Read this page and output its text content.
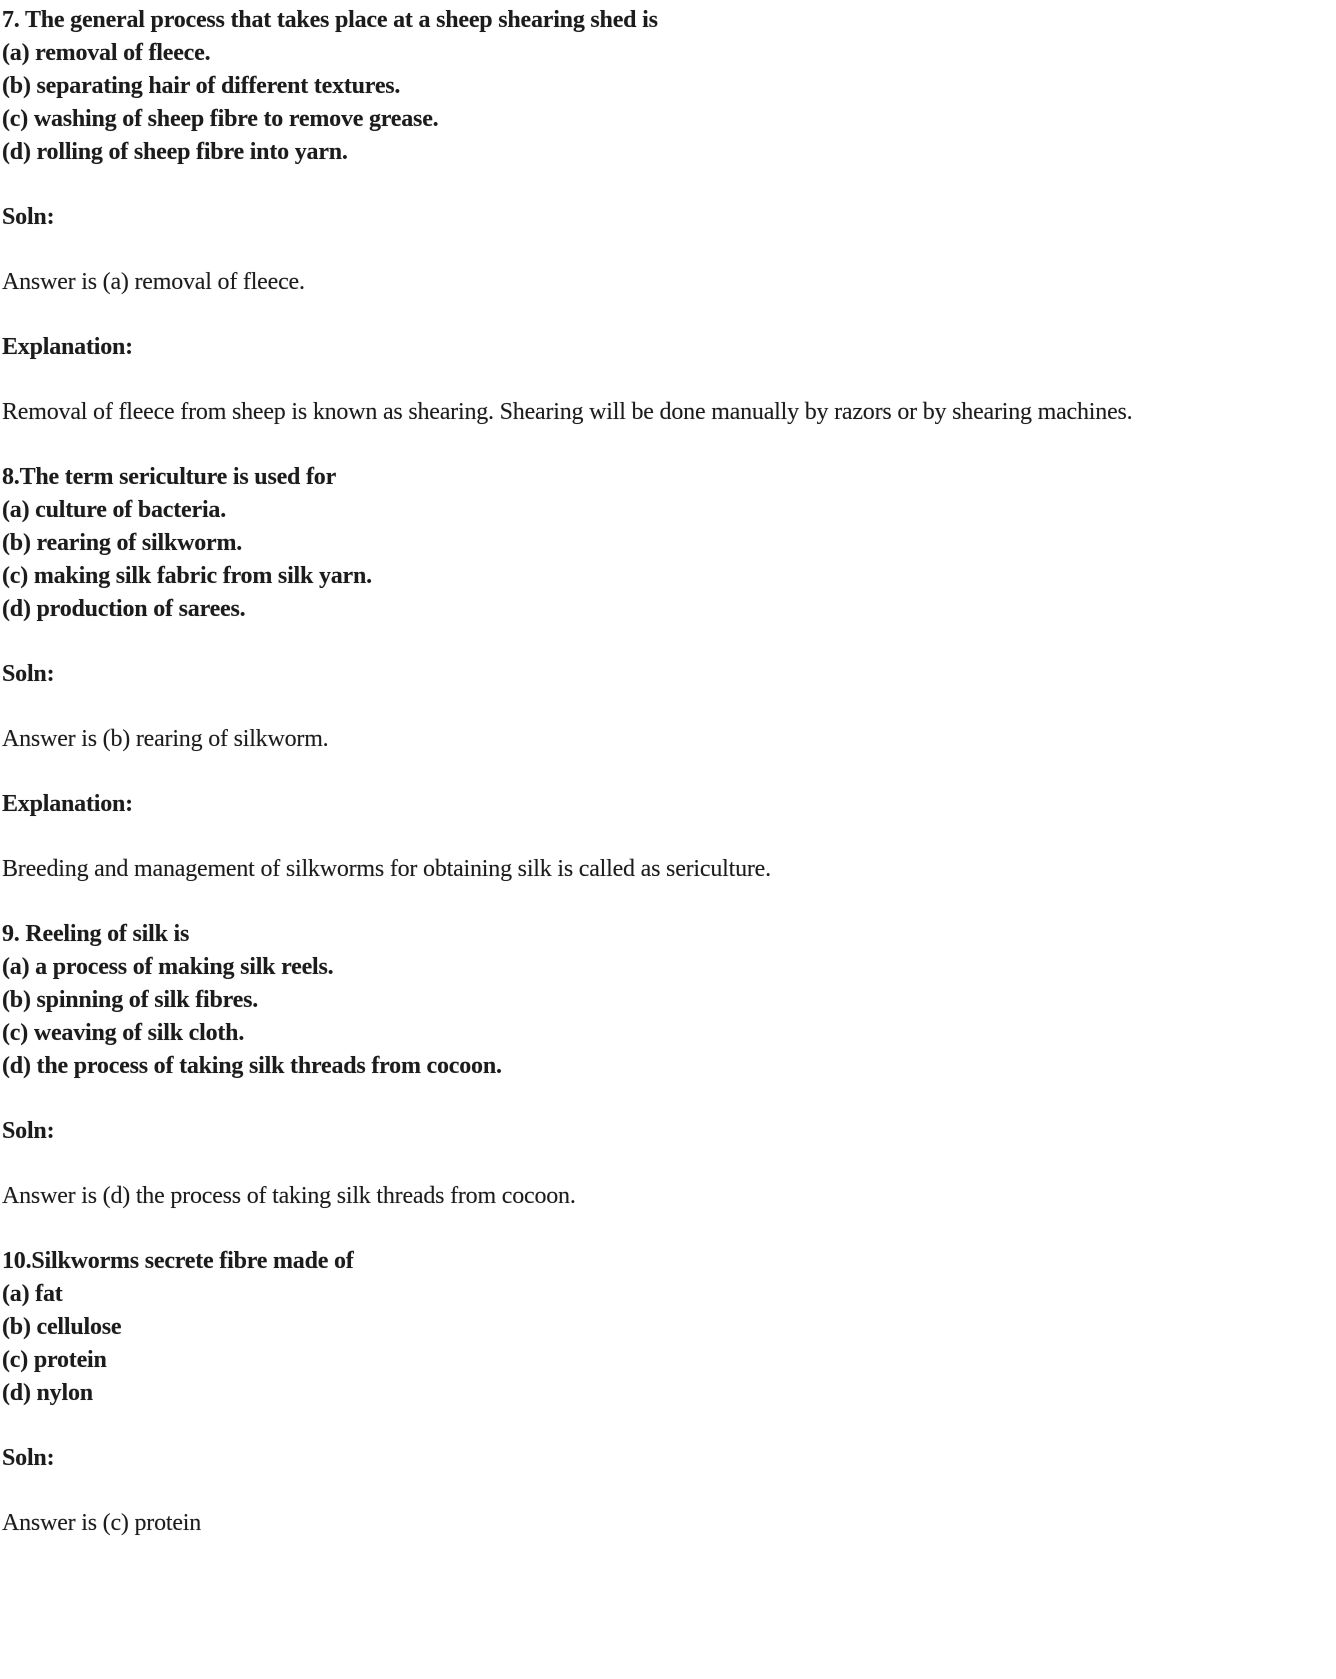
7. The general process that takes place at a sheep shearing shed is

(a) removal of fleece.

(b) separating hair of different textures.

(c) washing of sheep fibre to remove grease.

(d) rolling of sheep fibre into yarn.

Soln:

Answer is (a) removal of fleece.

Explanation:

Removal of fleece from sheep is known as shearing. Shearing will be done manually by razors or by shearing machines.

8.The term sericulture is used for

(a) culture of bacteria.

(b) rearing of silkworm.

(c) making silk fabric from silk yarn.

(d) production of sarees.

Soln:

Answer is (b) rearing of silkworm.

Explanation:

Breeding and management of silkworms for obtaining silk is called as sericulture.

9. Reeling of silk is

(a) a process of making silk reels.

(b) spinning of silk fibres.

(c) weaving of silk cloth.

(d) the process of taking silk threads from cocoon.

Soln:

Answer is (d) the process of taking silk threads from cocoon.

10.Silkworms secrete fibre made of

(a) fat

(b) cellulose

(c) protein

(d) nylon

Soln:

Answer is (c) protein
